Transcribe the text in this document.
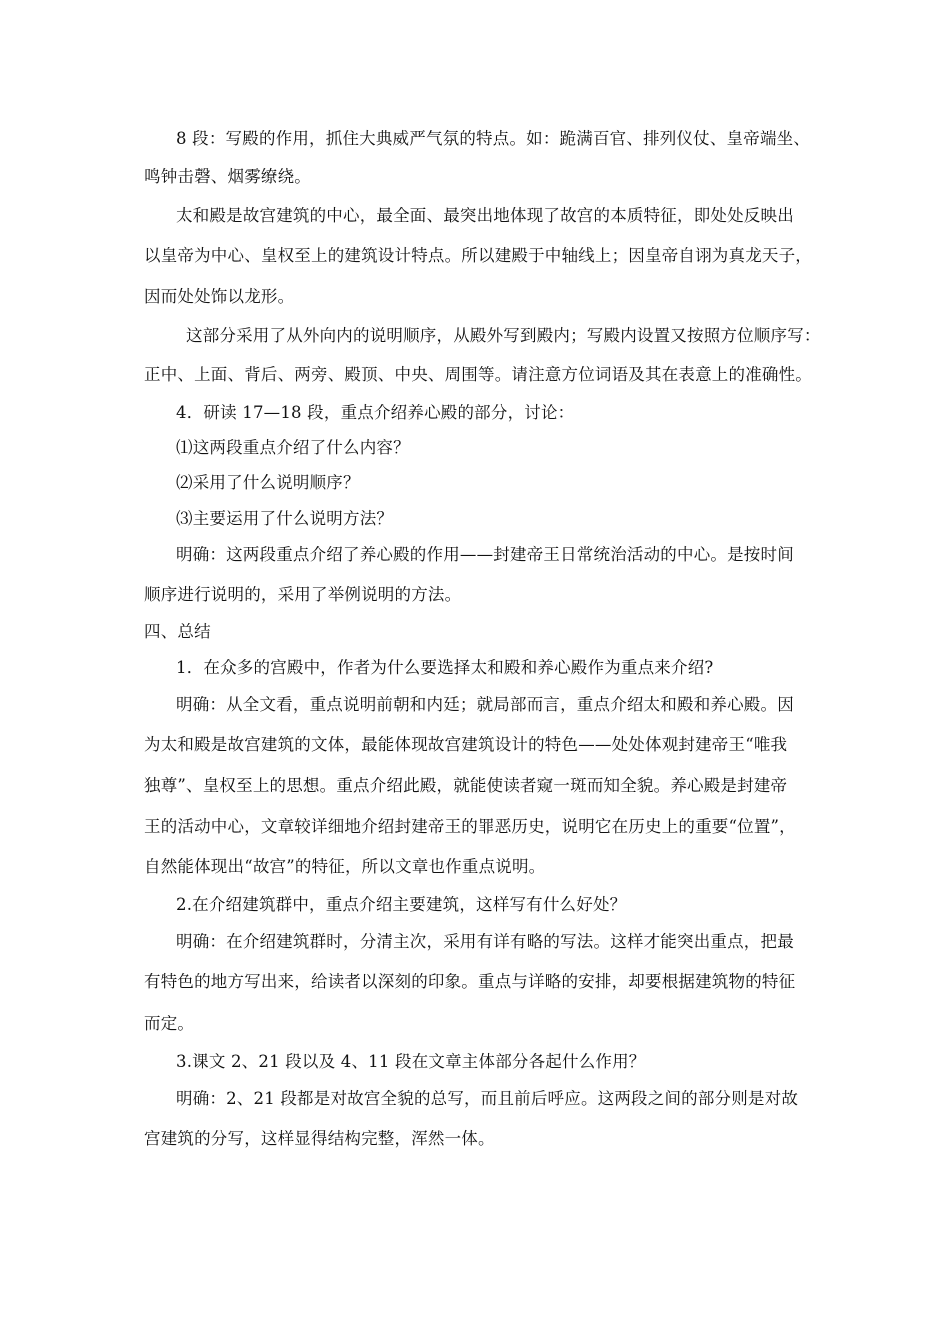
8 段：写殿的作用，抓住大典威严气氛的特点。如：跪满百官、排列仪仗、皇帝端坐、
鸣钟击磬、烟雾缭绕。
太和殿是故宫建筑的中心，最全面、最突出地体现了故宫的本质特征，即处处反映出
以皇帝为中心、皇权至上的建筑设计特点。所以建殿于中轴线上；因皇帝自诩为真龙天子，
因而处处饰以龙形。
这部分采用了从外向内的说明顺序，从殿外写到殿内；写殿内设置又按照方位顺序写：
正中、上面、背后、两旁、殿顶、中央、周围等。请注意方位词语及其在表意上的准确性。
4．研读 17—18 段，重点介绍养心殿的部分，讨论：
⑴这两段重点介绍了什么内容？
⑵采用了什么说明顺序？
⑶主要运用了什么说明方法？
明确：这两段重点介绍了养心殿的作用——封建帝王日常统治活动的中心。是按时间
顺序进行说明的，采用了举例说明的方法。
四、总结
1．在众多的宫殿中，作者为什么要选择太和殿和养心殿作为重点来介绍?
明确：从全文看，重点说明前朝和内廷；就局部而言，重点介绍太和殿和养心殿。因
为太和殿是故宫建筑的文体，最能体现故宫建筑设计的特色——处处体观封建帝王“唯我
独尊”、皇权至上的思想。重点介绍此殿，就能使读者窥一斑而知全貌。养心殿是封建帝
王的活动中心，文章较详细地介绍封建帝王的罪恶历史，说明它在历史上的重要“位置”，
自然能体现出“故宫”的特征，所以文章也作重点说明。
2.在介绍建筑群中，重点介绍主要建筑，这样写有什么好处？
明确：在介绍建筑群时，分清主次，采用有详有略的写法。这样才能突出重点，把最
有特色的地方写出来，给读者以深刻的印象。重点与详略的安排，却要根据建筑物的特征
而定。
3.课文 2、21 段以及 4、11 段在文章主体部分各起什么作用？
明确：2、21 段都是对故宫全貌的总写，而且前后呼应。这两段之间的部分则是对故
宫建筑的分写，这样显得结构完整，浑然一体。
